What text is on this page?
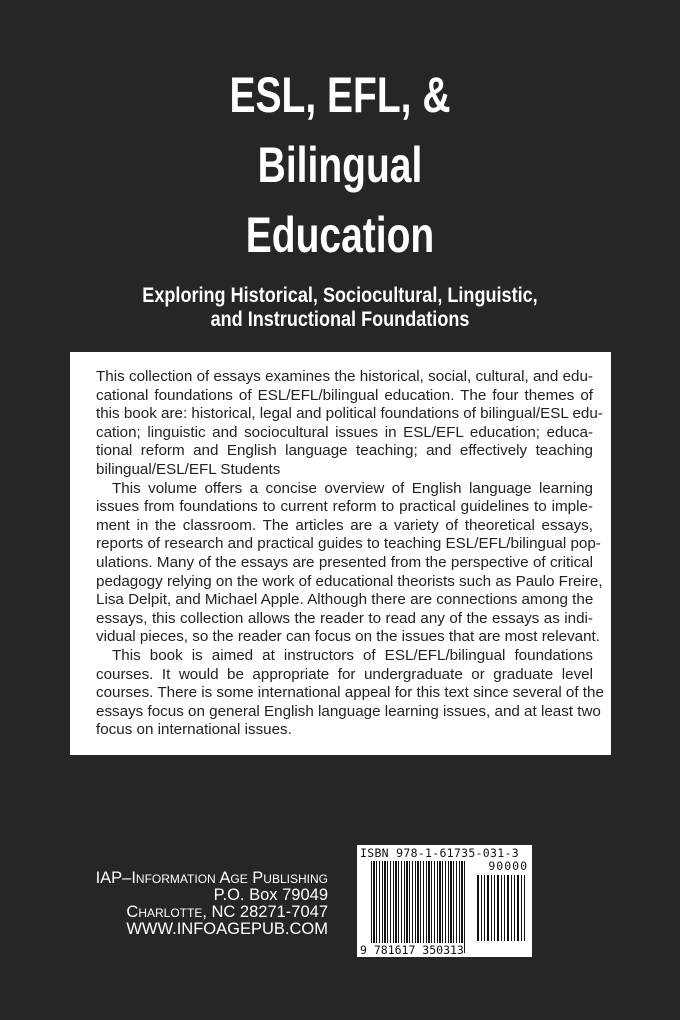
ESL, EFL, &
Bilingual
Education
Exploring Historical, Sociocultural, Linguistic,
and Instructional Foundations
This collection of essays examines the historical, social, cultural, and edu-
cational foundations of ESL/EFL/bilingual education. The four themes of
this book are: historical, legal and political foundations of bilingual/ESL edu-
cation; linguistic and sociocultural issues in ESL/EFL education; educa-
tional reform and English language teaching; and effectively teaching
bilingual/ESL/EFL Students
This volume offers a concise overview of English language learning
issues from foundations to current reform to practical guidelines to imple-
ment in the classroom. The articles are a variety of theoretical essays,
reports of research and practical guides to teaching ESL/EFL/bilingual pop-
ulations. Many of the essays are presented from the perspective of critical
pedagogy relying on the work of educational theorists such as Paulo Freire,
Lisa Delpit, and Michael Apple. Although there are connections among the
essays, this collection allows the reader to read any of the essays as indi-
vidual pieces, so the reader can focus on the issues that are most relevant.
This book is aimed at instructors of ESL/EFL/bilingual foundations
courses. It would be appropriate for undergraduate or graduate level
courses. There is some international appeal for this text since several of the
essays focus on general English language learning issues, and at least two
focus on international issues.
IAP–Information Age Publishing
P.O. Box 79049
Charlotte, NC 28271-7047
WWW.INFOAGEPUB.COM
ISBN 978-1-61735-031-3
90000
9 781617 350313
